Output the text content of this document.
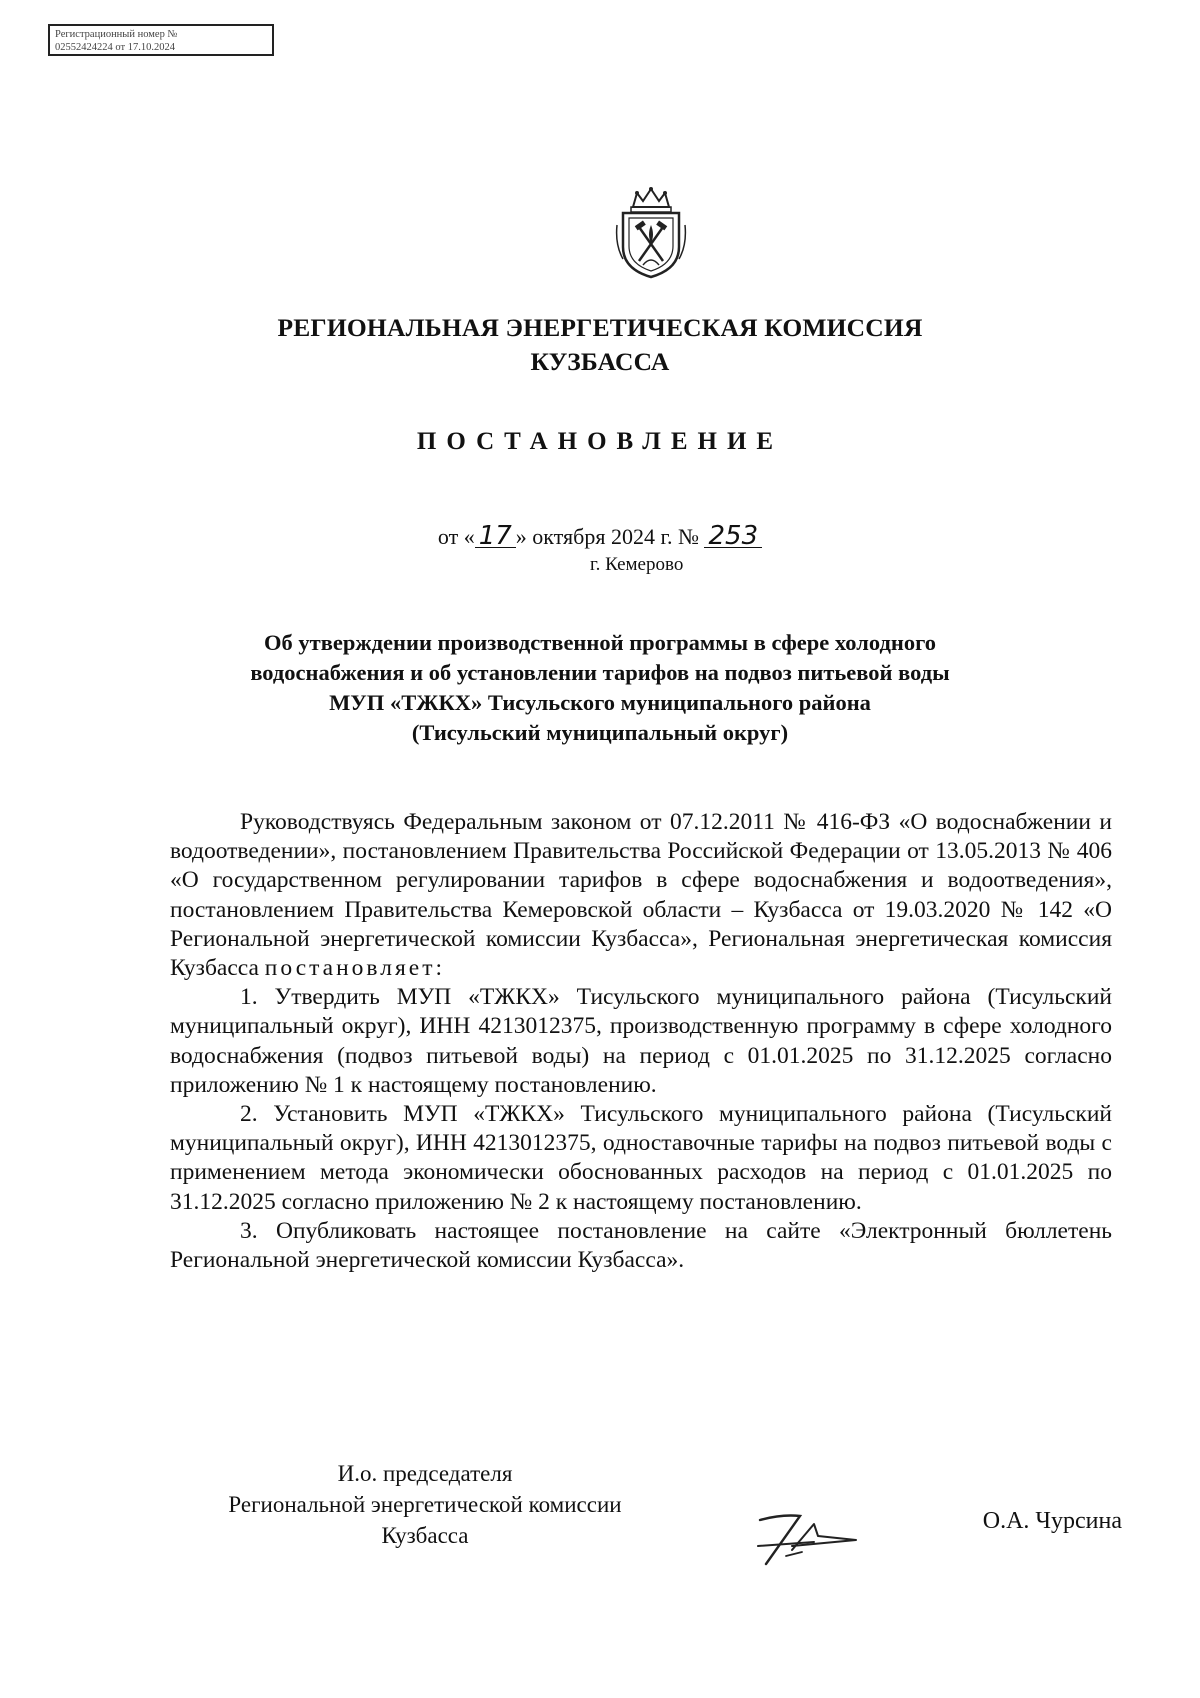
Регистрационный номер №
02552424224 от 17.10.2024
РЕГИОНАЛЬНАЯ ЭНЕРГЕТИЧЕСКАЯ КОМИССИЯ
КУЗБАССА
ПОСТАНОВЛЕНИЕ
от « 17 » октября 2024 г. № 253
г. Кемерово
Об утверждении производственной программы в сфере холодного
водоснабжения и об установлении тарифов на подвоз питьевой воды
МУП «ТЖКХ» Тисульского муниципального района
(Тисульский муниципальный округ)

Руководствуясь Федеральным законом от 07.12.2011 № 416-ФЗ «О водоснабжении и водоотведении», постановлением Правительства Российской Федерации от 13.05.2013 № 406 «О государственном регулировании тарифов в сфере водоснабжения и водоотведения», постановлением Правительства Кемеровской области – Кузбасса от 19.03.2020 № 142 «О Региональной энергетической комиссии Кузбасса», Региональная энергетическая комиссия Кузбасса постановляет:

1. Утвердить МУП «ТЖКХ» Тисульского муниципального района (Тисульский муниципальный округ), ИНН 4213012375, производственную программу в сфере холодного водоснабжения (подвоз питьевой воды) на период с 01.01.2025 по 31.12.2025 согласно приложению № 1 к настоящему постановлению.

2. Установить МУП «ТЖКХ» Тисульского муниципального района (Тисульский муниципальный округ), ИНН 4213012375, одноставочные тарифы на подвоз питьевой воды с применением метода экономически обоснованных расходов на период с 01.01.2025 по 31.12.2025 согласно приложению № 2 к настоящему постановлению.

3. Опубликовать настоящее постановление на сайте «Электронный бюллетень Региональной энергетической комиссии Кузбасса».

И.о. председателя
Региональной энергетической комиссии
Кузбасса
О.А. Чурсина
